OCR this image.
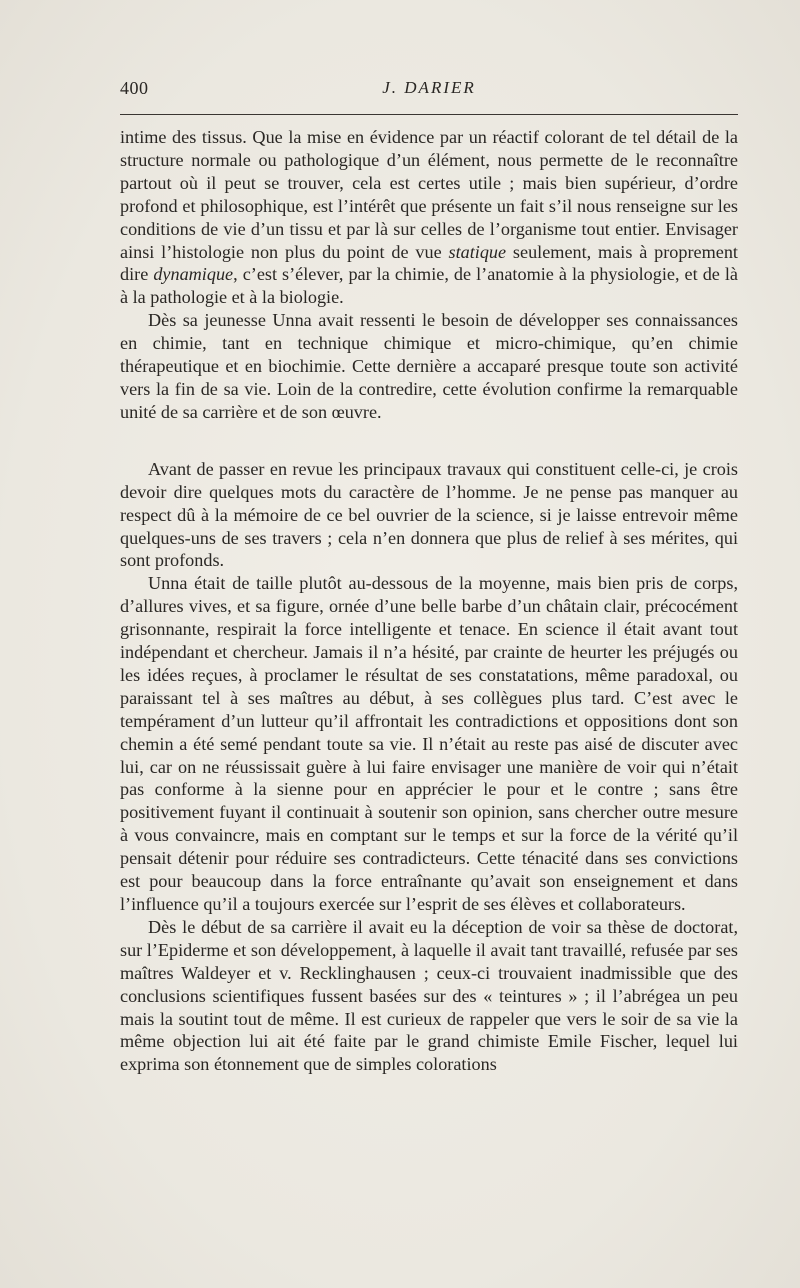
400	J. DARIER

intime des tissus. Que la mise en évidence par un réactif colorant de tel détail de la structure normale ou pathologique d’un élément, nous permette de le reconnaître partout où il peut se trouver, cela est certes utile ; mais bien supérieur, d’ordre profond et philosophique, est l’intérêt que présente un fait s’il nous renseigne sur les conditions de vie d’un tissu et par là sur celles de l’organisme tout entier. Envisager ainsi l’histologie non plus du point de vue statique seulement, mais à proprement dire dynamique, c’est s’élever, par la chimie, de l’anatomie à la physiologie, et de là à la pathologie et à la biologie.

Dès sa jeunesse Unna avait ressenti le besoin de développer ses connaissances en chimie, tant en technique chimique et micro-chimique, qu’en chimie thérapeutique et en biochimie. Cette dernière a accaparé presque toute son activité vers la fin de sa vie. Loin de la contredire, cette évolution confirme la remarquable unité de sa carrière et de son œuvre.

Avant de passer en revue les principaux travaux qui constituent celle-ci, je crois devoir dire quelques mots du caractère de l’homme. Je ne pense pas manquer au respect dû à la mémoire de ce bel ouvrier de la science, si je laisse entrevoir même quelques-uns de ses travers ; cela n’en donnera que plus de relief à ses mérites, qui sont profonds.

Unna était de taille plutôt au-dessous de la moyenne, mais bien pris de corps, d’allures vives, et sa figure, ornée d’une belle barbe d’un châtain clair, précocément grisonnante, respirait la force intelligente et tenace. En science il était avant tout indépendant et chercheur. Jamais il n’a hésité, par crainte de heurter les préjugés ou les idées reçues, à proclamer le résultat de ses constatations, même paradoxal, ou paraissant tel à ses maîtres au début, à ses collègues plus tard. C’est avec le tempérament d’un lutteur qu’il affrontait les contradictions et oppositions dont son chemin a été semé pendant toute sa vie. Il n’était au reste pas aisé de discuter avec lui, car on ne réussissait guère à lui faire envisager une manière de voir qui n’était pas conforme à la sienne pour en apprécier le pour et le contre ; sans être positivement fuyant il continuait à soutenir son opinion, sans chercher outre mesure à vous convaincre, mais en comptant sur le temps et sur la force de la vérité qu’il pensait détenir pour réduire ses contradicteurs. Cette ténacité dans ses convictions est pour beaucoup dans la force entraînante qu’avait son enseignement et dans l’influence qu’il a toujours exercée sur l’esprit de ses élèves et collaborateurs.

Dès le début de sa carrière il avait eu la déception de voir sa thèse de doctorat, sur l’Epiderme et son développement, à laquelle il avait tant travaillé, refusée par ses maîtres Waldeyer et v. Recklinghausen ; ceux-ci trouvaient inadmissible que des conclusions scientifiques fussent basées sur des « teintures » ; il l’abrégea un peu mais la soutint tout de même. Il est curieux de rappeler que vers le soir de sa vie la même objection lui ait été faite par le grand chimiste Emile Fischer, lequel lui exprima son étonnement que de simples colorations
